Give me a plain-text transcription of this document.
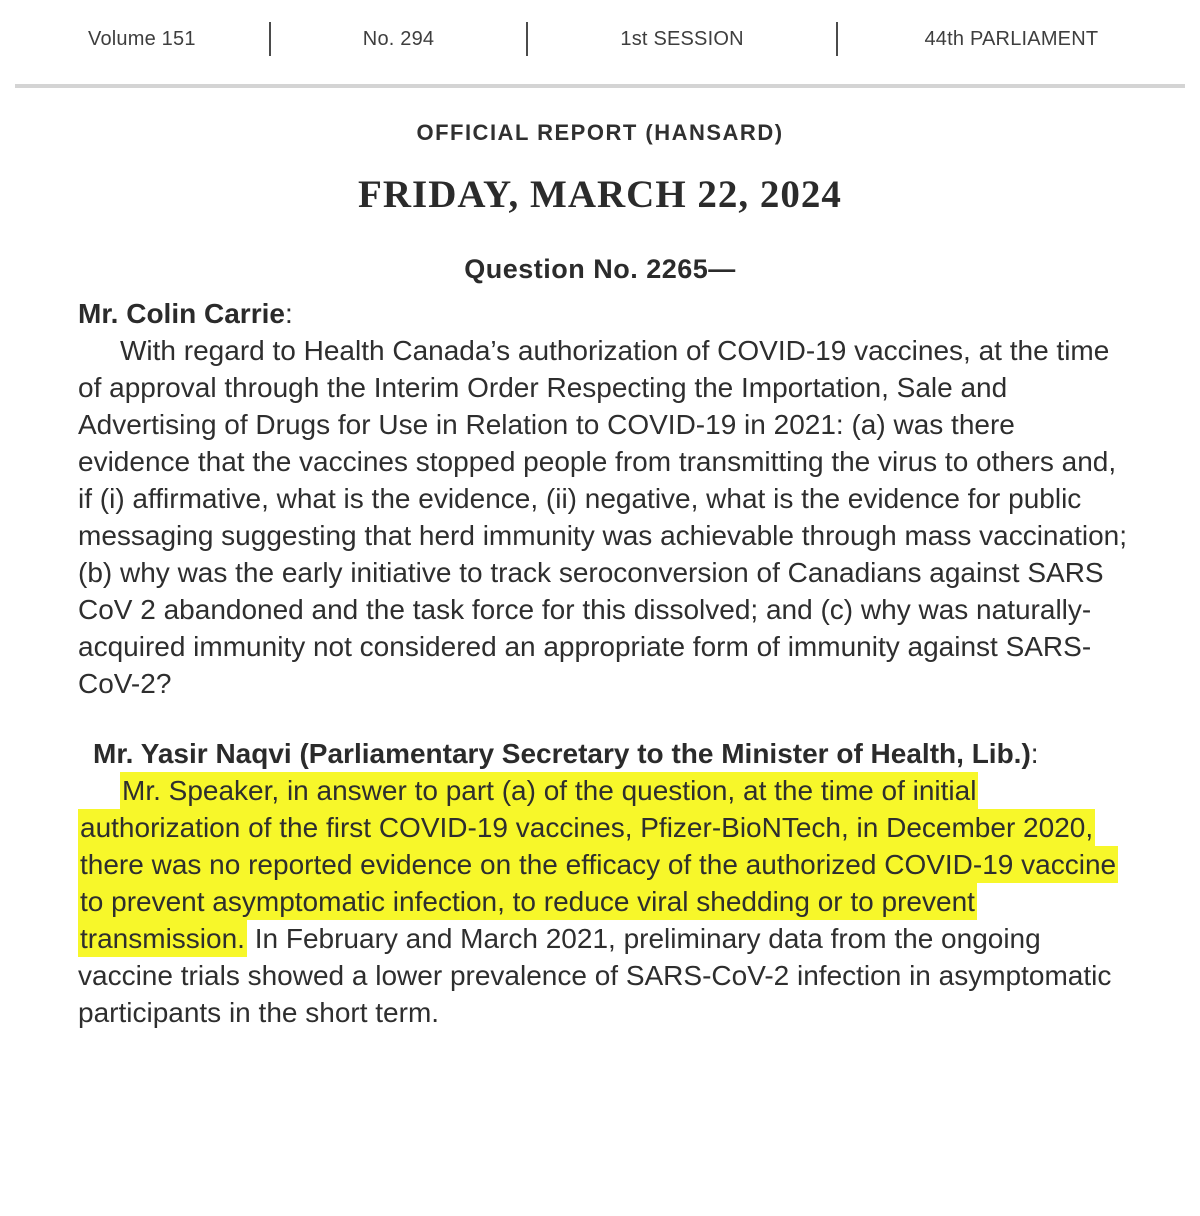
Volume 151	No. 294	1st SESSION	44th PARLIAMENT
OFFICIAL REPORT (HANSARD)
FRIDAY, MARCH 22, 2024
Question No. 2265—

Mr. Colin Carrie:

With regard to Health Canada’s authorization of COVID-19 vaccines, at the time of approval through the Interim Order Respecting the Importation, Sale and Advertising of Drugs for Use in Relation to COVID-19 in 2021: (a) was there evidence that the vaccines stopped people from transmitting the virus to others and, if (i) affirmative, what is the evidence, (ii) negative, what is the evidence for public messaging suggesting that herd immunity was achievable through mass vaccination; (b) why was the early initiative to track seroconversion of Canadians against SARS CoV 2 abandoned and the task force for this dissolved; and (c) why was naturally-acquired immunity not considered an appropriate form of immunity against SARS-CoV-2?

Mr. Yasir Naqvi (Parliamentary Secretary to the Minister of Health, Lib.):

Mr. Speaker, in answer to part (a) of the question, at the time of initial authorization of the first COVID-19 vaccines, Pfizer-BioNTech, in December 2020, there was no reported evidence on the efficacy of the authorized COVID-19 vaccine to prevent asymptomatic infection, to reduce viral shedding or to prevent transmission. In February and March 2021, preliminary data from the ongoing vaccine trials showed a lower prevalence of SARS-CoV-2 infection in asymptomatic participants in the short term.
